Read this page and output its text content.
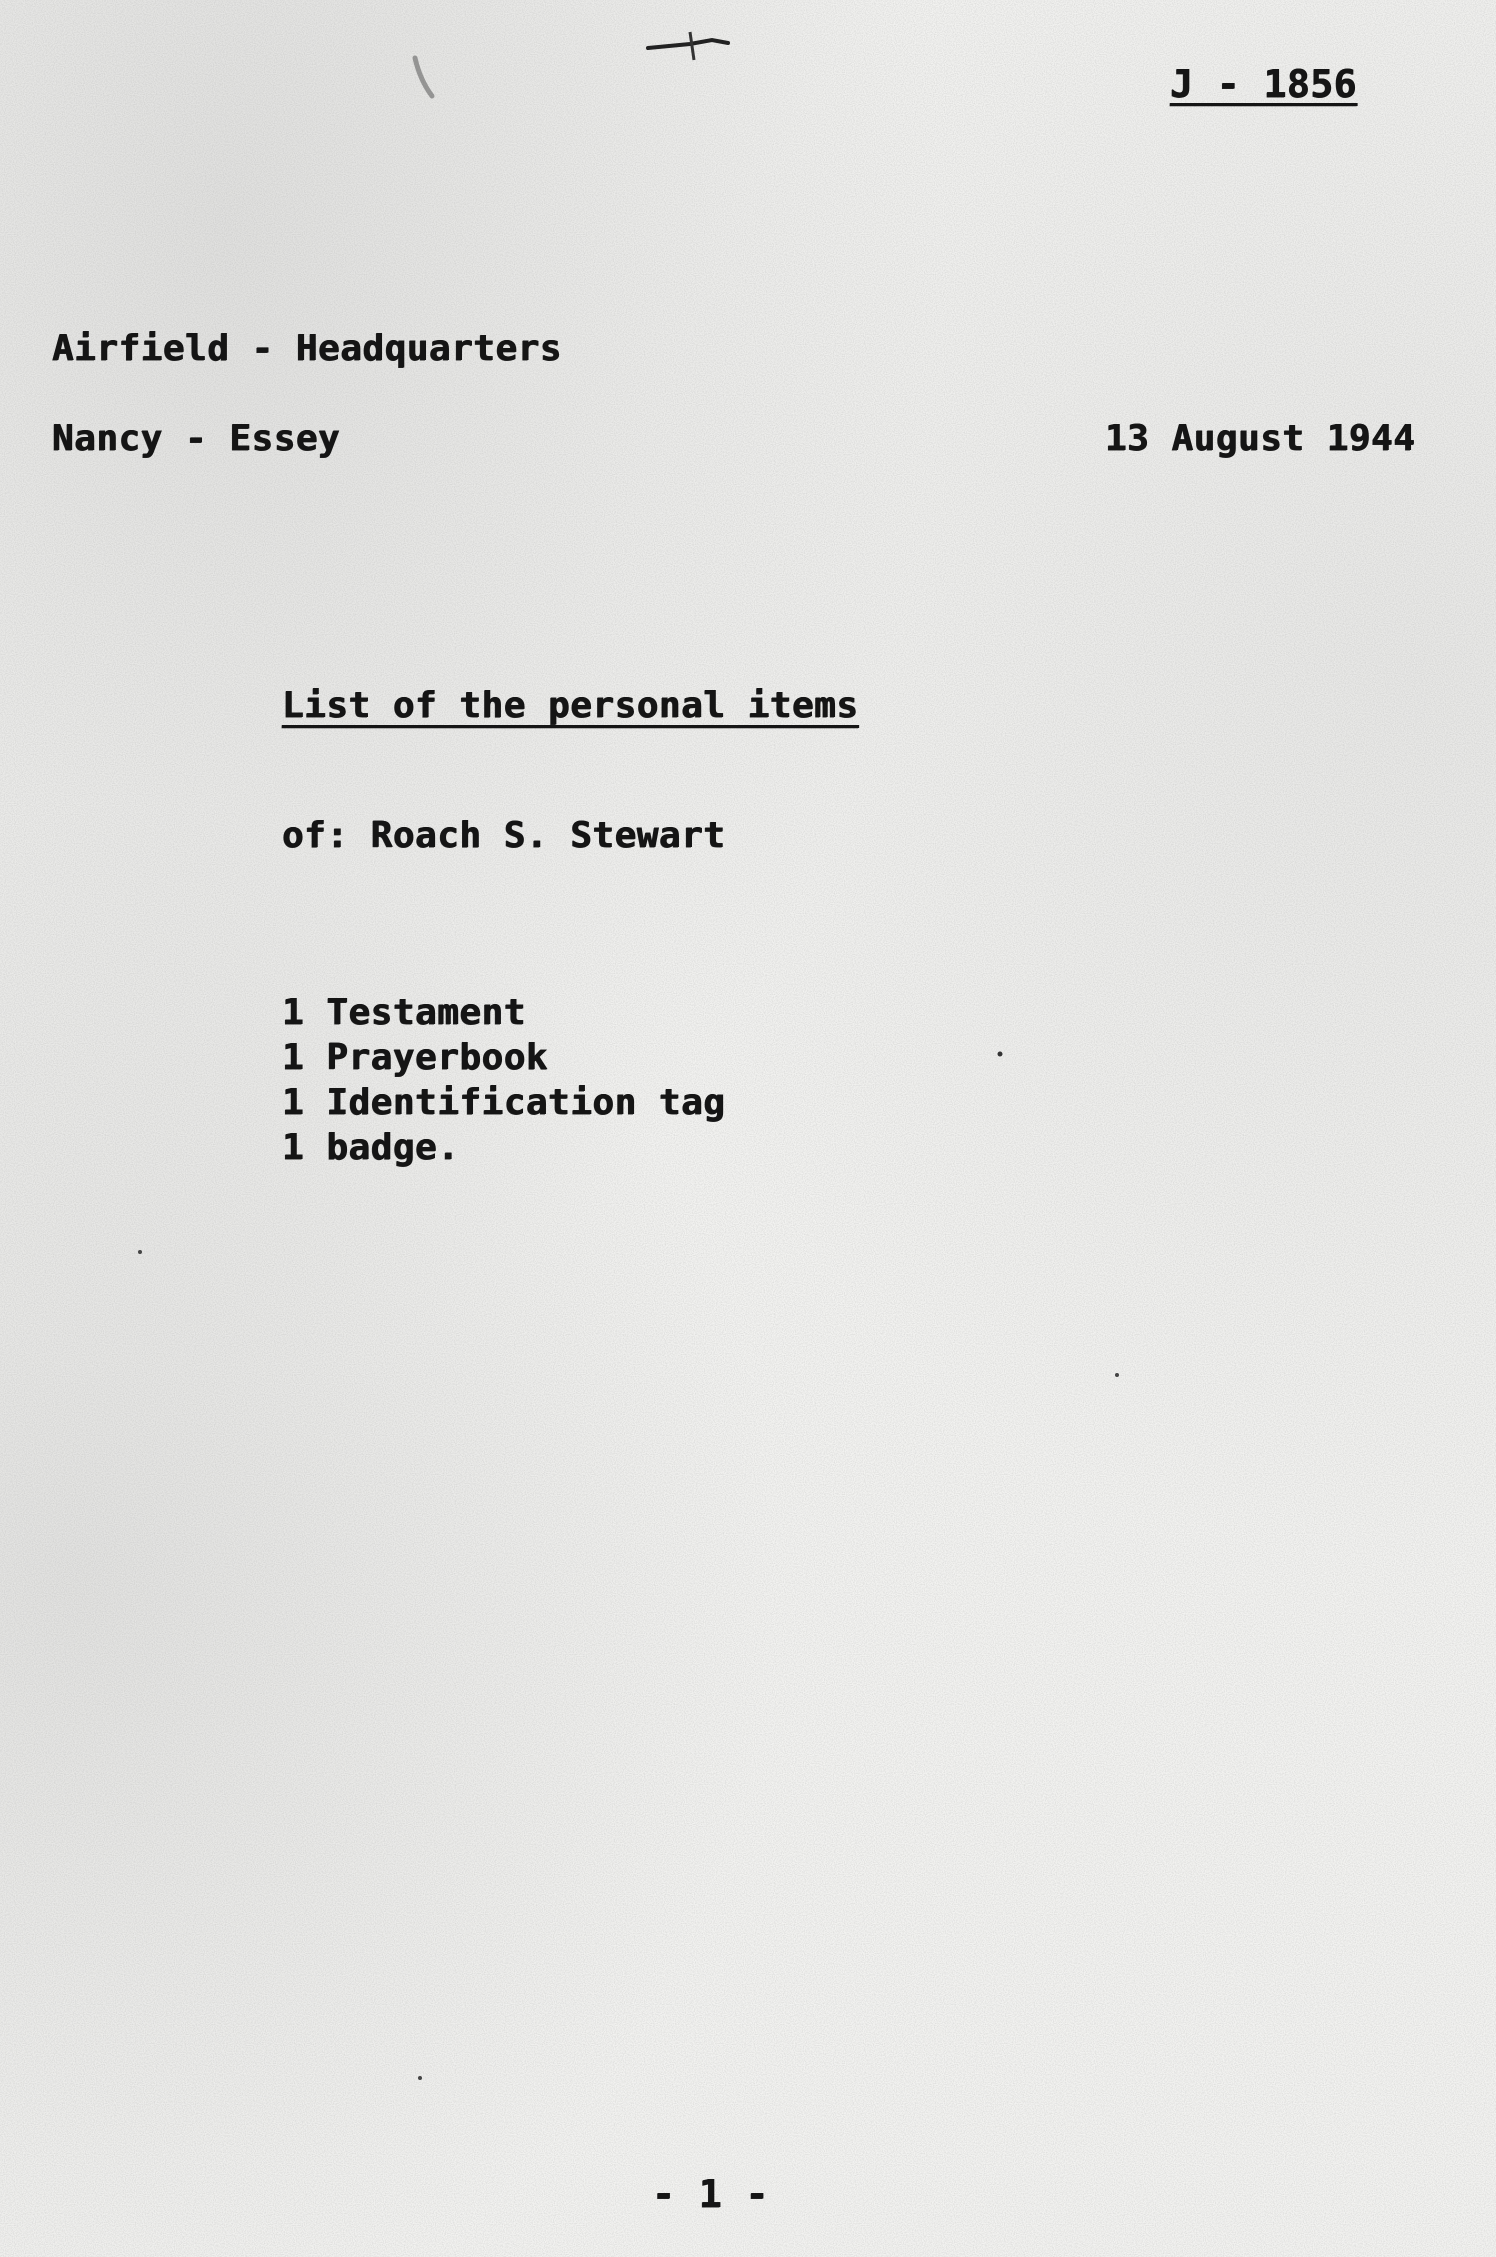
J - 1856
Airfield - Headquarters
Nancy - Essey	13 August 1944
List of the personal items
of: Roach S. Stewart
1 Testament
1 Prayerbook
1 Identification tag
1 badge.
- 1 -
